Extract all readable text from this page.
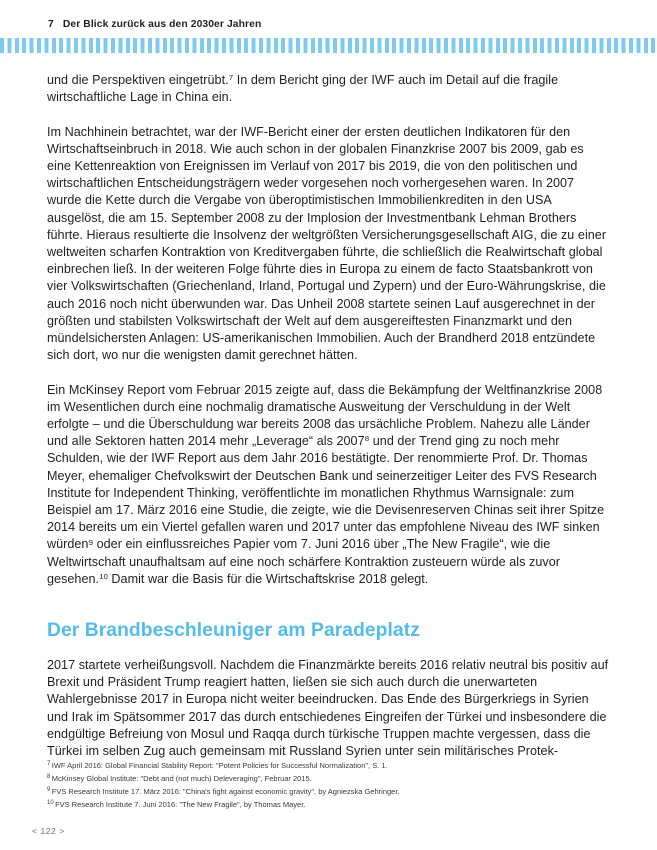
7 Der Blick zurück aus den 2030er Jahren

und die Perspektiven eingetrübt.$^7$ In dem Bericht ging der IWF auch im Detail auf die fragile wirtschaftliche Lage in China ein.

Im Nachhinein betrachtet, war der IWF-Bericht einer der ersten deutlichen Indikatoren für den Wirtschaftseinbruch in 2018. Wie auch schon in der globalen Finanzkrise 2007 bis 2009, gab es eine Kettenreaktion von Ereignissen im Verlauf von 2017 bis 2019, die von den politischen und wirtschaftlichen Entscheidungsträgern weder vorgesehen noch vorhergesehen waren. In 2007 wurde die Kette durch die Vergabe von überoptimistischen Immobilienkrediten in den USA ausgelöst, die am 15. September 2008 zu der Implosion der Investmentbank Lehman Brothers führte. Hieraus resultierte die Insolvenz der weltgrößten Versicherungsgesellschaft AIG, die zu einer weltweiten scharfen Kontraktion von Kreditvergaben führte, die schließlich die Realwirtschaft global einbrechen ließ. In der weiteren Folge führte dies in Europa zu einem de facto Staatsbankrott von vier Volkswirtschaften (Griechenland, Irland, Portugal und Zypern) und der Euro-Währungskrise, die auch 2016 noch nicht überwunden war. Das Unheil 2008 startete seinen Lauf ausgerechnet in der größten und stabilsten Volkswirtschaft der Welt auf dem ausgereiftesten Finanzmarkt und den mündelsichersten Anlagen: US-amerikanischen Immobilien. Auch der Brandherd 2018 entzündete sich dort, wo nur die wenigsten damit gerechnet hätten.

Ein McKinsey Report vom Februar 2015 zeigte auf, dass die Bekämpfung der Weltfinanzkrise 2008 im Wesentlichen durch eine nochmalig dramatische Ausweitung der Verschuldung in der Welt erfolgte – und die Überschuldung war bereits 2008 das ursächliche Problem. Nahezu alle Länder und alle Sektoren hatten 2014 mehr „Leverage“ als 2007$^8$ und der Trend ging zu noch mehr Schulden, wie der IWF Report aus dem Jahr 2016 bestätigte. Der renommierte Prof. Dr. Thomas Meyer, ehemaliger Chefvolkswirt der Deutschen Bank und seinerzeitiger Leiter des FVS Research Institute for Independent Thinking, veröffentlichte im monatlichen Rhythmus Warnsignale: zum Beispiel am 17. März 2016 eine Studie, die zeigte, wie die Devisenreserven Chinas seit ihrer Spitze 2014 bereits um ein Viertel gefallen waren und 2017 unter das empfohlene Niveau des IWF sinken würden$^9$ oder ein einflussreiches Papier vom 7. Juni 2016 über „The New Fragile“, wie die Weltwirtschaft unaufhaltsam auf eine noch schärfere Kontraktion zusteuern würde als zuvor gesehen.$^{10}$ Damit war die Basis für die Wirtschaftskrise 2018 gelegt.

Der Brandbeschleuniger am Paradeplatz

2017 startete verheißungsvoll. Nachdem die Finanzmärkte bereits 2016 relativ neutral bis positiv auf Brexit und Präsident Trump reagiert hatten, ließen sie sich auch durch die unerwarteten Wahlergebnisse 2017 in Europa nicht weiter beeindrucken. Das Ende des Bürgerkriegs in Syrien und Irak im Spätsommer 2017 das durch entschiedenes Eingreifen der Türkei und insbesondere die endgültige Befreiung von Mosul und Raqqa durch türkische Truppen machte vergessen, dass die Türkei im selben Zug auch gemeinsam mit Russland Syrien unter sein militärisches Protek-

$^7$IWF April 2016: Global Financial Stability Report: "Potent Policies for Successful Normalization", S. 1.

$^8$McKinsey Global Institute: "Debt and (not much) Deleveraging", Februar 2015.

$^9$FVS Research Institute 17. März 2016: "China's fight against economic gravity", by Agniezska Gehringer.

$^{10}$FVS Research Institute 7. Juni 2016: "The New Fragile", by Thomas Mayer.

< 122 >
